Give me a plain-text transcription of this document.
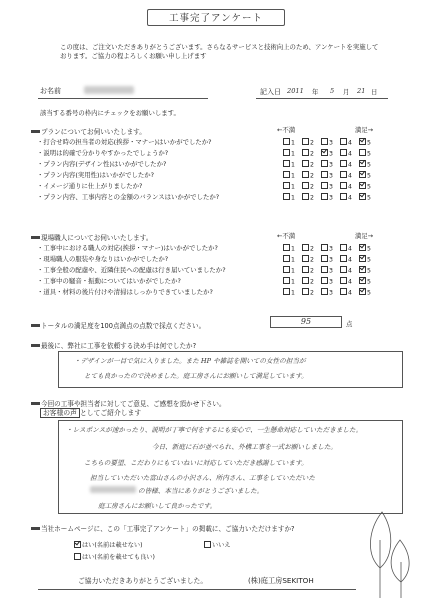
工事完了アンケート
この度は、ご注文いただきありがとうございます。さらなるサービスと技術向上のため、アンケートを実施して
おります。ご協力の程よろしくお願い申し上げます
お名前	記入日 2011 年 5 月 21 日
該当する番号の枠内にチェックをお願いします。
プランについてお伺いいたします。	←不満	満足→
・打合せ時の担当者の対応(挨拶・マナー)はいかがでしたか?	1	2	3	4	5
・説明は的確で分かりやすかったでしょうか?	1	2	3	4	5
・プラン内容(デザイン性)はいかがでしたか?	1	2	3	4	5
・プラン内容(実用性)はいかがでしたか?	1	2	3	4	5
・イメージ通りに仕上がりましたか?	1	2	3	4	5
・プラン内容、工事内容との金額のバランスはいかがでしたか?	1	2	3	4	5
現場職人についてお伺いいたします。	←不満	満足→
・工事中における職人の対応(挨拶・マナー)はいかがでしたか?	1	2	3	4	5
・現場職人の服装や身なりはいかがでしたか?	1	2	3	4	5
・工事全般の配慮や、近隣住民への配慮は行き届いていましたか?	1	2	3	4	5
・工事中の騒音・振動についてはいかがでしたか?	1	2	3	4	5
・道具・材料の後片付けや清掃はしっかりできていましたか?	1	2	3	4	5
トータルの満足度を100点満点の点数で採点ください。	95	点
最後に、弊社に工事を依頼する決め手は何でしたか?
・デザインが一目で気に入りました。また HP や雑誌を開いての女性の担当が
とても良かったので決めました。庭工房さんにお願いして満足しています。
今回の工事や担当者に対してご意見、ご感想を頂かせ下さい。
お客様の声 としてご紹介します
・レスポンスが速かったり、説明が丁寧で何をするにも安心で、一生懸命対応していただきました。
今日、新庭に石が並べられ、外構工事を一式お願いしました。
こちらの要望、こだわりにもていねいに対応していただき感謝しています。
担当していただいた富山さんの小沢さん、所内さん、工事をしていただいた
の皆様、本当にありがとうございました。
庭工房さんにお願いして良かったです。
当社ホームページに、この「工事完了アンケート」の掲載に、ご協力いただけますか?
はい(名前は載せない)	いいえ
はい(名前を載せても良い)
ご協力いただきありがとうございました。	(株)庭工房SEKITOH
